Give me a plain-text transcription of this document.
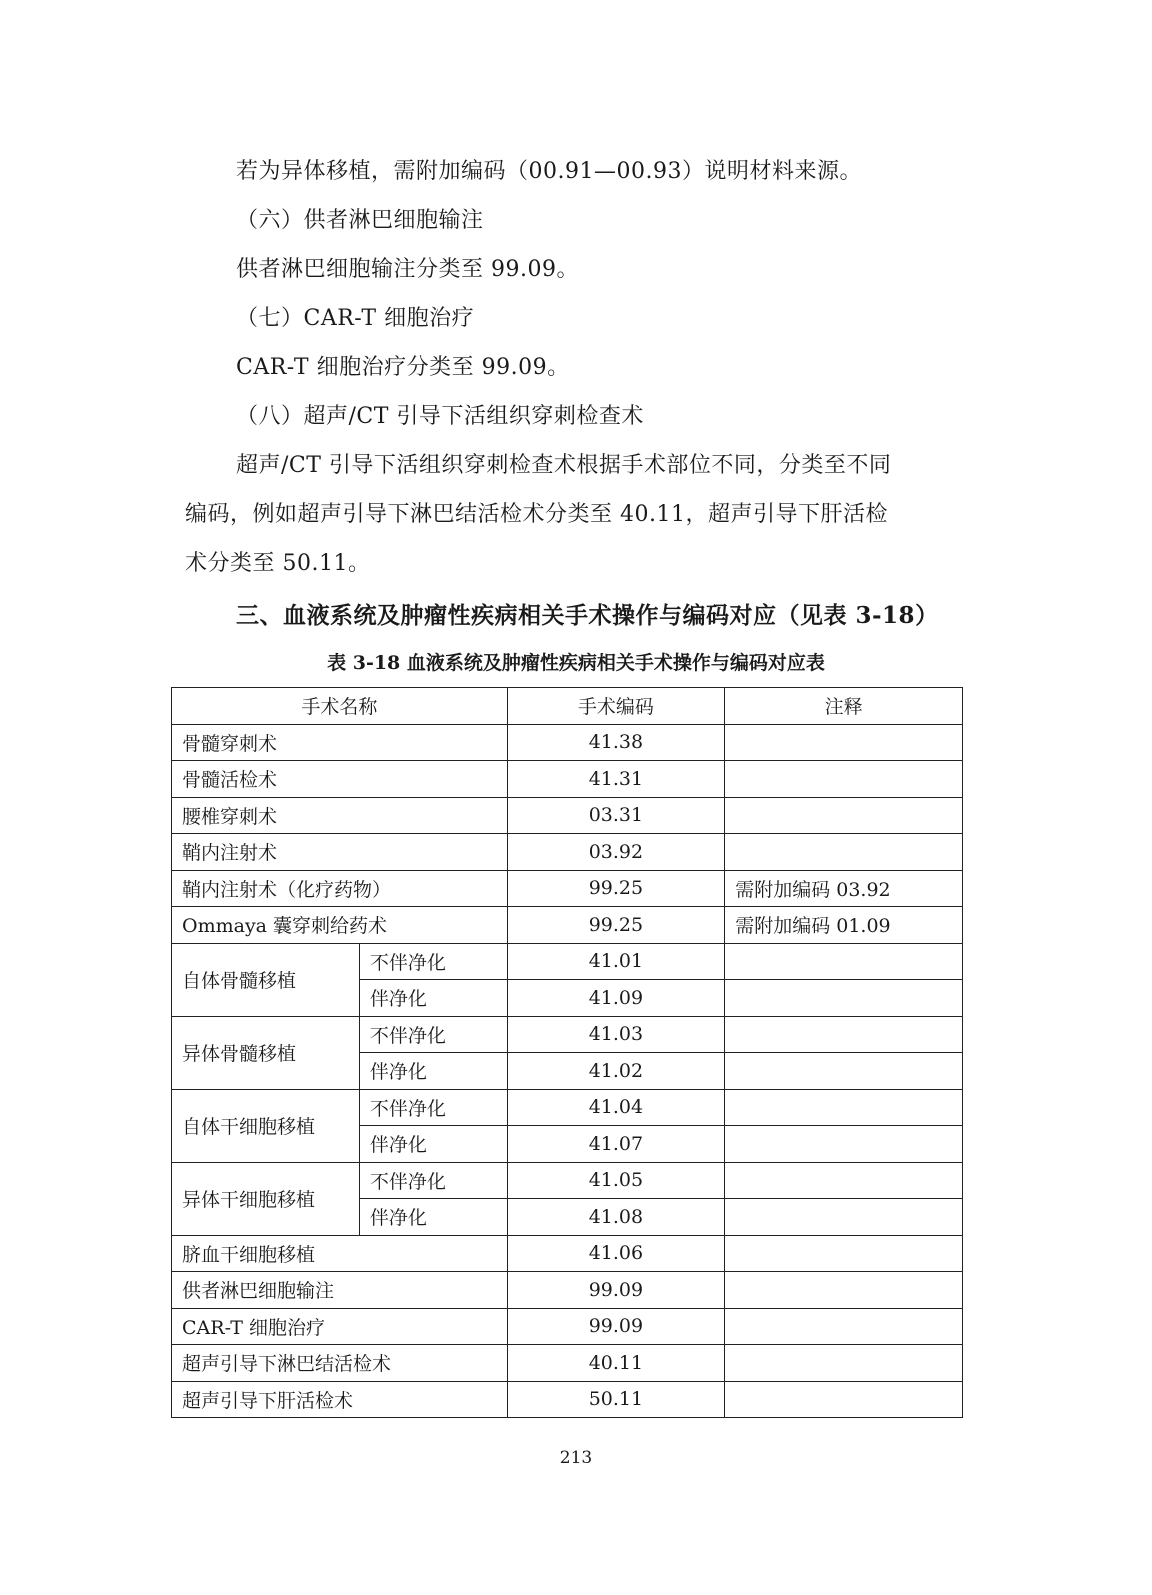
若为异体移植，需附加编码（00.91—00.93）说明材料来源。
（六）供者淋巴细胞输注
供者淋巴细胞输注分类至 99.09。
（七）CAR-T 细胞治疗
CAR-T 细胞治疗分类至 99.09。
（八）超声/CT 引导下活组织穿刺检查术
超声/CT 引导下活组织穿刺检查术根据手术部位不同，分类至不同
编码，例如超声引导下淋巴结活检术分类至 40.11，超声引导下肝活检
术分类至 50.11。
三、血液系统及肿瘤性疾病相关手术操作与编码对应（见表 3-18）
表 3-18 血液系统及肿瘤性疾病相关手术操作与编码对应表
手术名称		手术编码	注释
骨髓穿刺术		41.38	
骨髓活检术		41.31	
腰椎穿刺术		03.31	
鞘内注射术		03.92	
鞘内注射术（化疗药物）		99.25	需附加编码 03.92
Ommaya 囊穿刺给药术		99.25	需附加编码 01.09
自体骨髓移植	不伴净化	41.01	
	伴净化	41.09	
异体骨髓移植	不伴净化	41.03	
	伴净化	41.02	
自体干细胞移植	不伴净化	41.04	
	伴净化	41.07	
异体干细胞移植	不伴净化	41.05	
	伴净化	41.08	
脐血干细胞移植		41.06	
供者淋巴细胞输注		99.09	
CAR-T 细胞治疗		99.09	
超声引导下淋巴结活检术		40.11	
超声引导下肝活检术		50.11	
213
